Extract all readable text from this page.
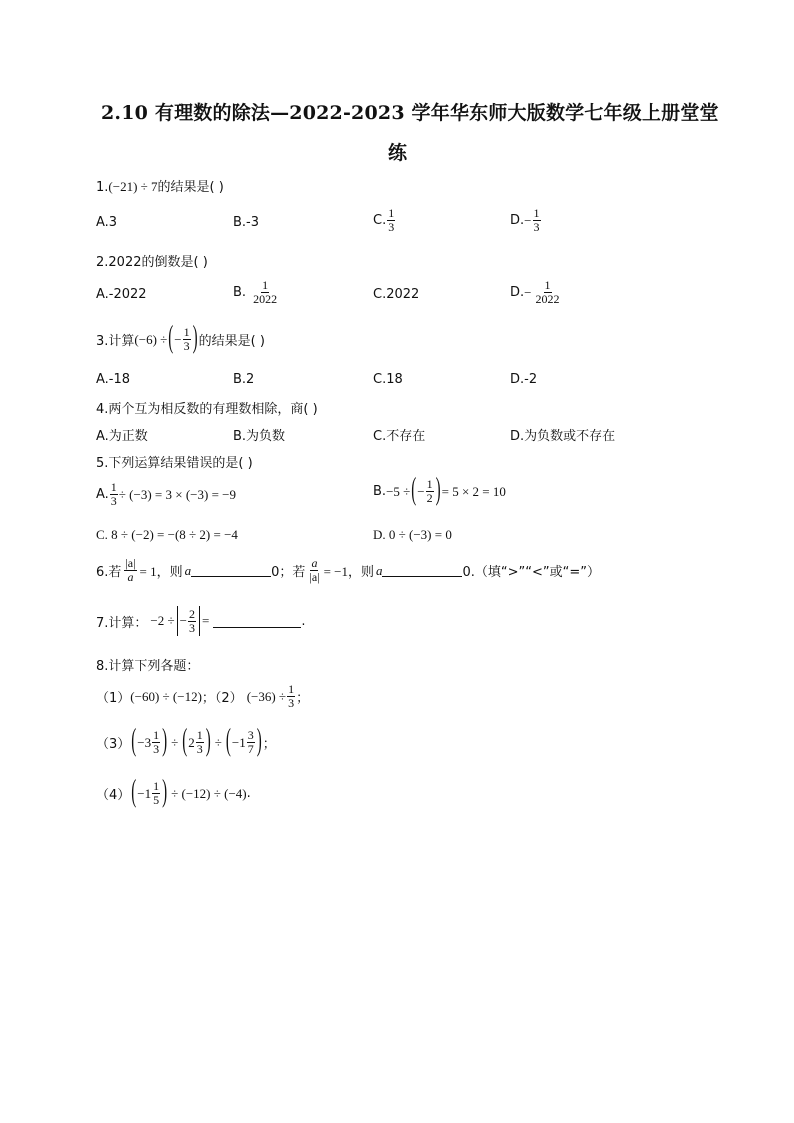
2.10 有理数的除法—2022-2023 学年华东师大版数学七年级上册堂堂
练
1.(−21) ÷ 7的结果是( )
A.3	B.-3	C. $\frac{1}{3}$	D. − $\frac{1}{3}$
2.2022的倒数是( )
A.-2022	B. $\frac{1}{2022}$	C.2022	D. − $\frac{1}{2022}$
3.计算 (−6) ÷ ( − $\frac{1}{3}$ ) 的结果是( )
A.-18	B.2	C.18	D.-2
4.两个互为相反数的有理数相除，商( )
A.为正数	B.为负数	C.不存在	D.为负数或不存在
5.下列运算结果错误的是( )
A. $\frac{1}{3} \div (-3) = 3 \times (-3) = -9$	B. −5 ÷ ( − $\frac{1}{2}$ ) = 5 × 2 = 10
C. 8 ÷ (−2) = −(8 ÷ 2) = −4	D. 0 ÷ (−3) = 0
6.若 $\frac{|a|}{a} = 1$，则 a	0；若 $\frac{a}{|a|} = -1$，则 a	0.（填“>”“<”或“=”）
7.计算： −2 ÷ − $\frac{2}{3}$ =	.
8.计算下列各题：
（1） (−60) ÷ (−12) ；（2） $(-36) \div \frac{1}{3}$ ；
（3） ( $-3 \frac{1}{3}$ ) ÷ ( $2 \frac{1}{3}$ ) ÷ ( $-1 \frac{3}{7}$ ) ；
（4） ( $-1 \frac{1}{5}$ ) ÷ (−12) ÷ (−4) .
